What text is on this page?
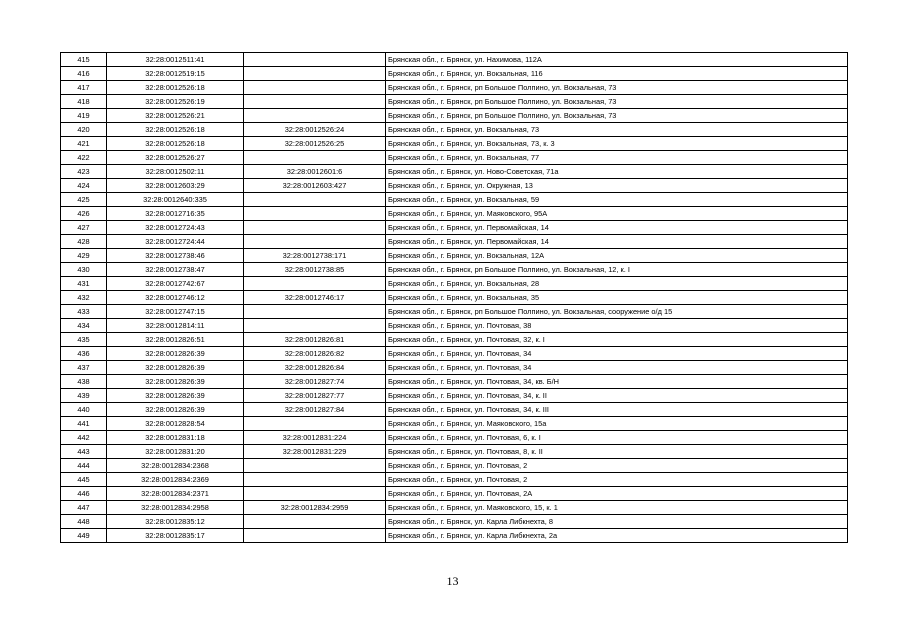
415	32:28:0012511:41		Брянская обл., г. Брянск, ул. Нахимова, 112А
416	32:28:0012519:15		Брянская обл., г. Брянск, ул. Вокзальная, 116
417	32:28:0012526:18		Брянская обл., г. Брянск, рп Большое Полпино, ул. Вокзальная, 73
418	32:28:0012526:19		Брянская обл., г. Брянск, рп Большое Полпино, ул. Вокзальная, 73
419	32:28:0012526:21		Брянская обл., г. Брянск, рп Большое Полпино, ул. Вокзальная, 73
420	32:28:0012526:18	32:28:0012526:24	Брянская обл., г. Брянск, ул. Вокзальная, 73
421	32:28:0012526:18	32:28:0012526:25	Брянская обл., г. Брянск, ул. Вокзальная, 73, к. 3
422	32:28:0012526:27		Брянская обл., г. Брянск, ул. Вокзальная, 77
423	32:28:0012502:11	32:28:0012601:6	Брянская обл., г. Брянск, ул. Ново-Советская, 71а
424	32:28:0012603:29	32:28:0012603:427	Брянская обл., г. Брянск, ул. Окружная, 13
425	32:28:0012640:335		Брянская обл., г. Брянск, ул. Вокзальная, 59
426	32:28:0012716:35		Брянская обл., г. Брянск, ул. Маяковского, 95А
427	32:28:0012724:43		Брянская обл., г. Брянск, ул. Первомайская, 14
428	32:28:0012724:44		Брянская обл., г. Брянск, ул. Первомайская, 14
429	32:28:0012738:46	32:28:0012738:171	Брянская обл., г. Брянск, ул. Вокзальная, 12А
430	32:28:0012738:47	32:28:0012738:85	Брянская обл., г. Брянск, рп Большое Полпино, ул. Вокзальная, 12, к. I
431	32:28:0012742:67		Брянская обл., г. Брянск, ул. Вокзальная, 28
432	32:28:0012746:12	32:28:0012746:17	Брянская обл., г. Брянск, ул. Вокзальная, 35
433	32:28:0012747:15		Брянская обл., г. Брянск, рп Большое Полпино, ул. Вокзальная, сооружение о/д 15
434	32:28:0012814:11		Брянская обл., г. Брянск, ул. Почтовая, 38
435	32:28:0012826:51	32:28:0012826:81	Брянская обл., г. Брянск, ул. Почтовая, 32, к. I
436	32:28:0012826:39	32:28:0012826:82	Брянская обл., г. Брянск, ул. Почтовая, 34
437	32:28:0012826:39	32:28:0012826:84	Брянская обл., г. Брянск, ул. Почтовая, 34
438	32:28:0012826:39	32:28:0012827:74	Брянская обл., г. Брянск, ул. Почтовая, 34, кв. Б/Н
439	32:28:0012826:39	32:28:0012827:77	Брянская обл., г. Брянск, ул. Почтовая, 34, к. II
440	32:28:0012826:39	32:28:0012827:84	Брянская обл., г. Брянск, ул. Почтовая, 34, к. III
441	32:28:0012828:54		Брянская обл., г. Брянск, ул. Маяковского, 15а
442	32:28:0012831:18	32:28:0012831:224	Брянская обл., г. Брянск, ул. Почтовая, 6, к. I
443	32:28:0012831:20	32:28:0012831:229	Брянская обл., г. Брянск, ул. Почтовая, 8, к. II
444	32:28:0012834:2368		Брянская обл., г. Брянск, ул. Почтовая, 2
445	32:28:0012834:2369		Брянская обл., г. Брянск, ул. Почтовая, 2
446	32:28:0012834:2371		Брянская обл., г. Брянск, ул. Почтовая, 2А
447	32:28:0012834:2958	32:28:0012834:2959	Брянская обл., г. Брянск, ул. Маяковского, 15, к. 1
448	32:28:0012835:12		Брянская обл., г. Брянск, ул. Карла Либкнехта, 8
449	32:28:0012835:17		Брянская обл., г. Брянск, ул. Карла Либкнехта, 2а
13
